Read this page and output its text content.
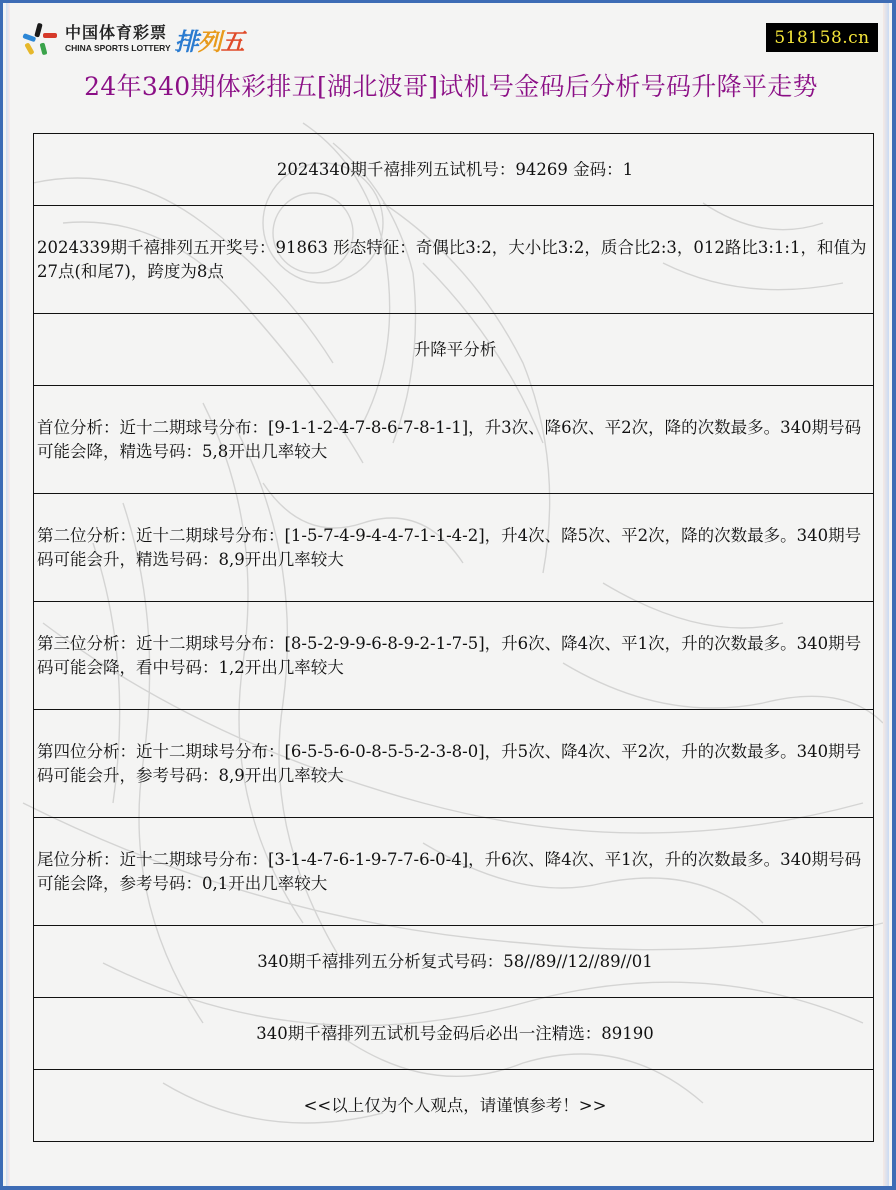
中国体育彩票
CHINA SPORTS LOTTERY 排列五	518158.cn
24年340期体彩排五[湖北波哥]试机号金码后分析号码升降平走势
2024340期千禧排列五试机号：94269 金码：1
2024339期千禧排列五开奖号：91863 形态特征：奇偶比3:2，大小比3:2，质合比2:3，012路比3:1:1，和值为27点(和尾7)，跨度为8点
升降平分析
首位分析：近十二期球号分布：[9-1-1-2-4-7-8-6-7-8-1-1]，升3次、降6次、平2次，降的次数最多。340期号码可能会降，精选号码：5,8开出几率较大
第二位分析：近十二期球号分布：[1-5-7-4-9-4-4-7-1-1-4-2]，升4次、降5次、平2次，降的次数最多。340期号码可能会升，精选号码：8,9开出几率较大
第三位分析：近十二期球号分布：[8-5-2-9-9-6-8-9-2-1-7-5]，升6次、降4次、平1次，升的次数最多。340期号码可能会降，看中号码：1,2开出几率较大
第四位分析：近十二期球号分布：[6-5-5-6-0-8-5-5-2-3-8-0]，升5次、降4次、平2次，升的次数最多。340期号码可能会升，参考号码：8,9开出几率较大
尾位分析：近十二期球号分布：[3-1-4-7-6-1-9-7-7-6-0-4]，升6次、降4次、平1次，升的次数最多。340期号码可能会降，参考号码：0,1开出几率较大
340期千禧排列五分析复式号码：58//89//12//89//01
340期千禧排列五试机号金码后必出一注精选：89190
<<以上仅为个人观点，请谨慎参考！>>
